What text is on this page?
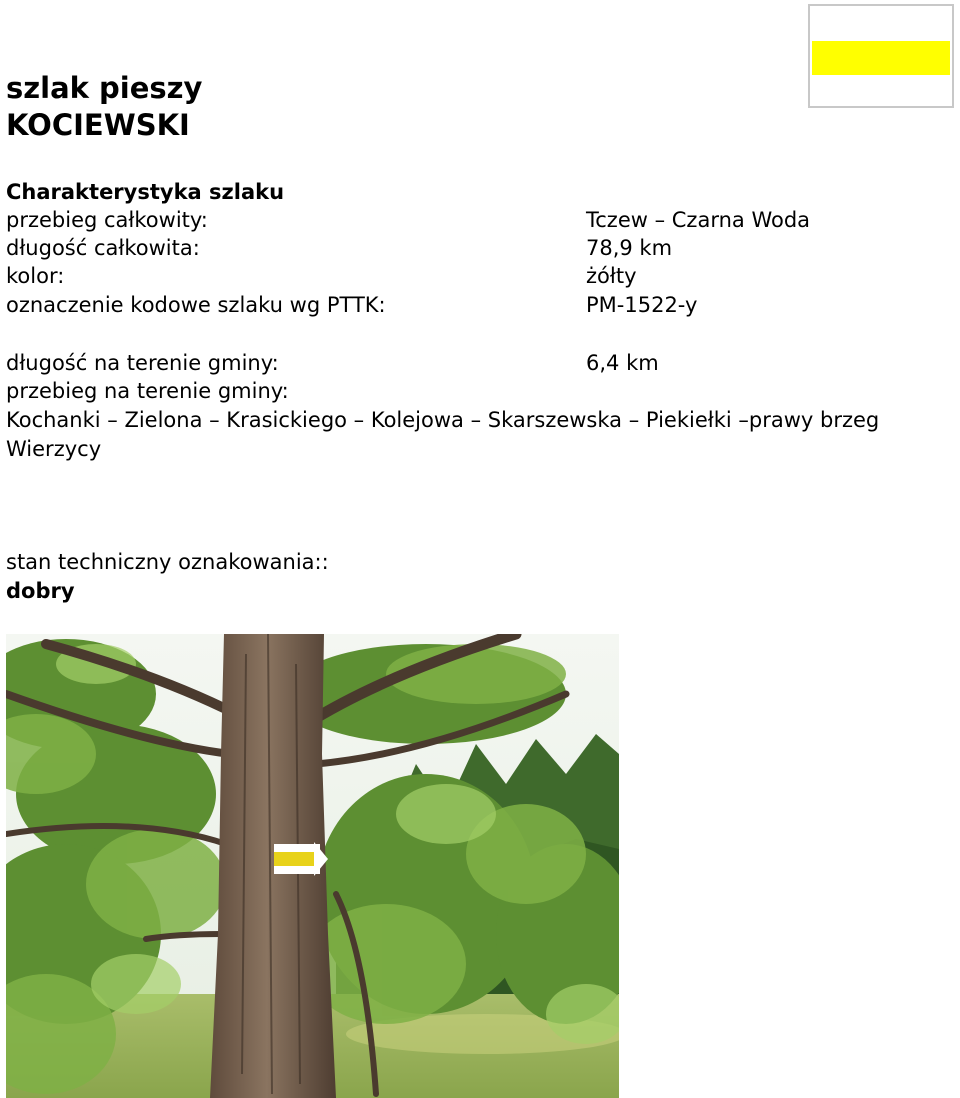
szlak pieszy
KOCIEWSKI
Charakterystyka szlaku
przebieg całkowity:	Tczew – Czarna Woda
długość całkowita:	78,9 km
kolor:	żółty
oznaczenie kodowe szlaku wg PTTK:	PM-1522-y
długość na terenie gminy:	6,4 km
przebieg na terenie gminy:
Kochanki – Zielona – Krasickiego – Kolejowa – Skarszewska – Piekiełki –prawy brzeg
Wierzycy
stan techniczny oznakowania::
dobry
